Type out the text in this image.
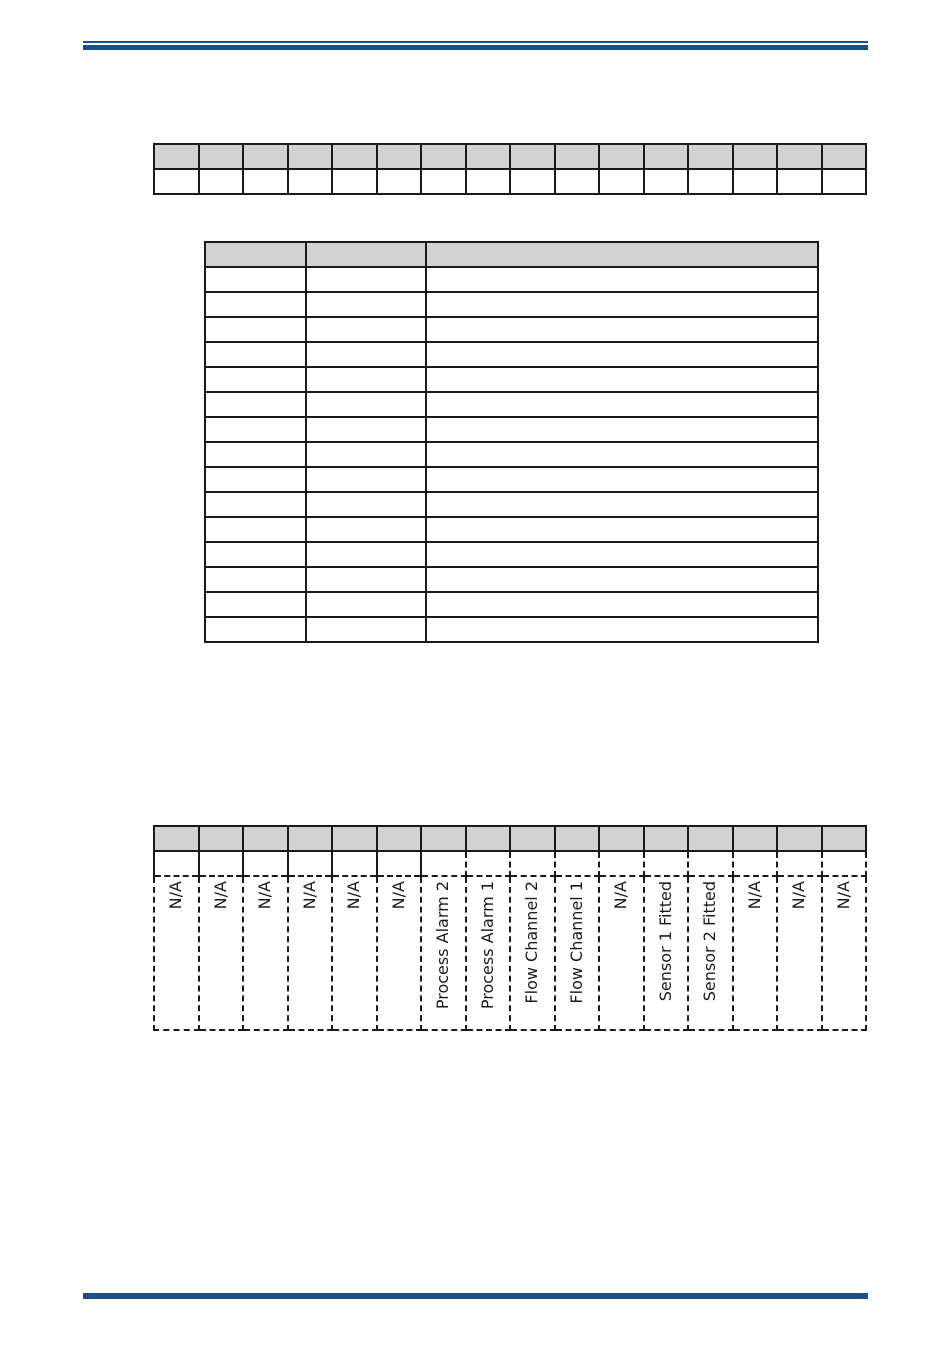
N/A	N/A	N/A	N/A	N/A	N/A	Process Alarm 2	Process Alarm 1	Flow Channel 2	Flow Channel 1	N/A	Sensor 1 Fitted	Sensor 2 Fitted	N/A	N/A	N/A
